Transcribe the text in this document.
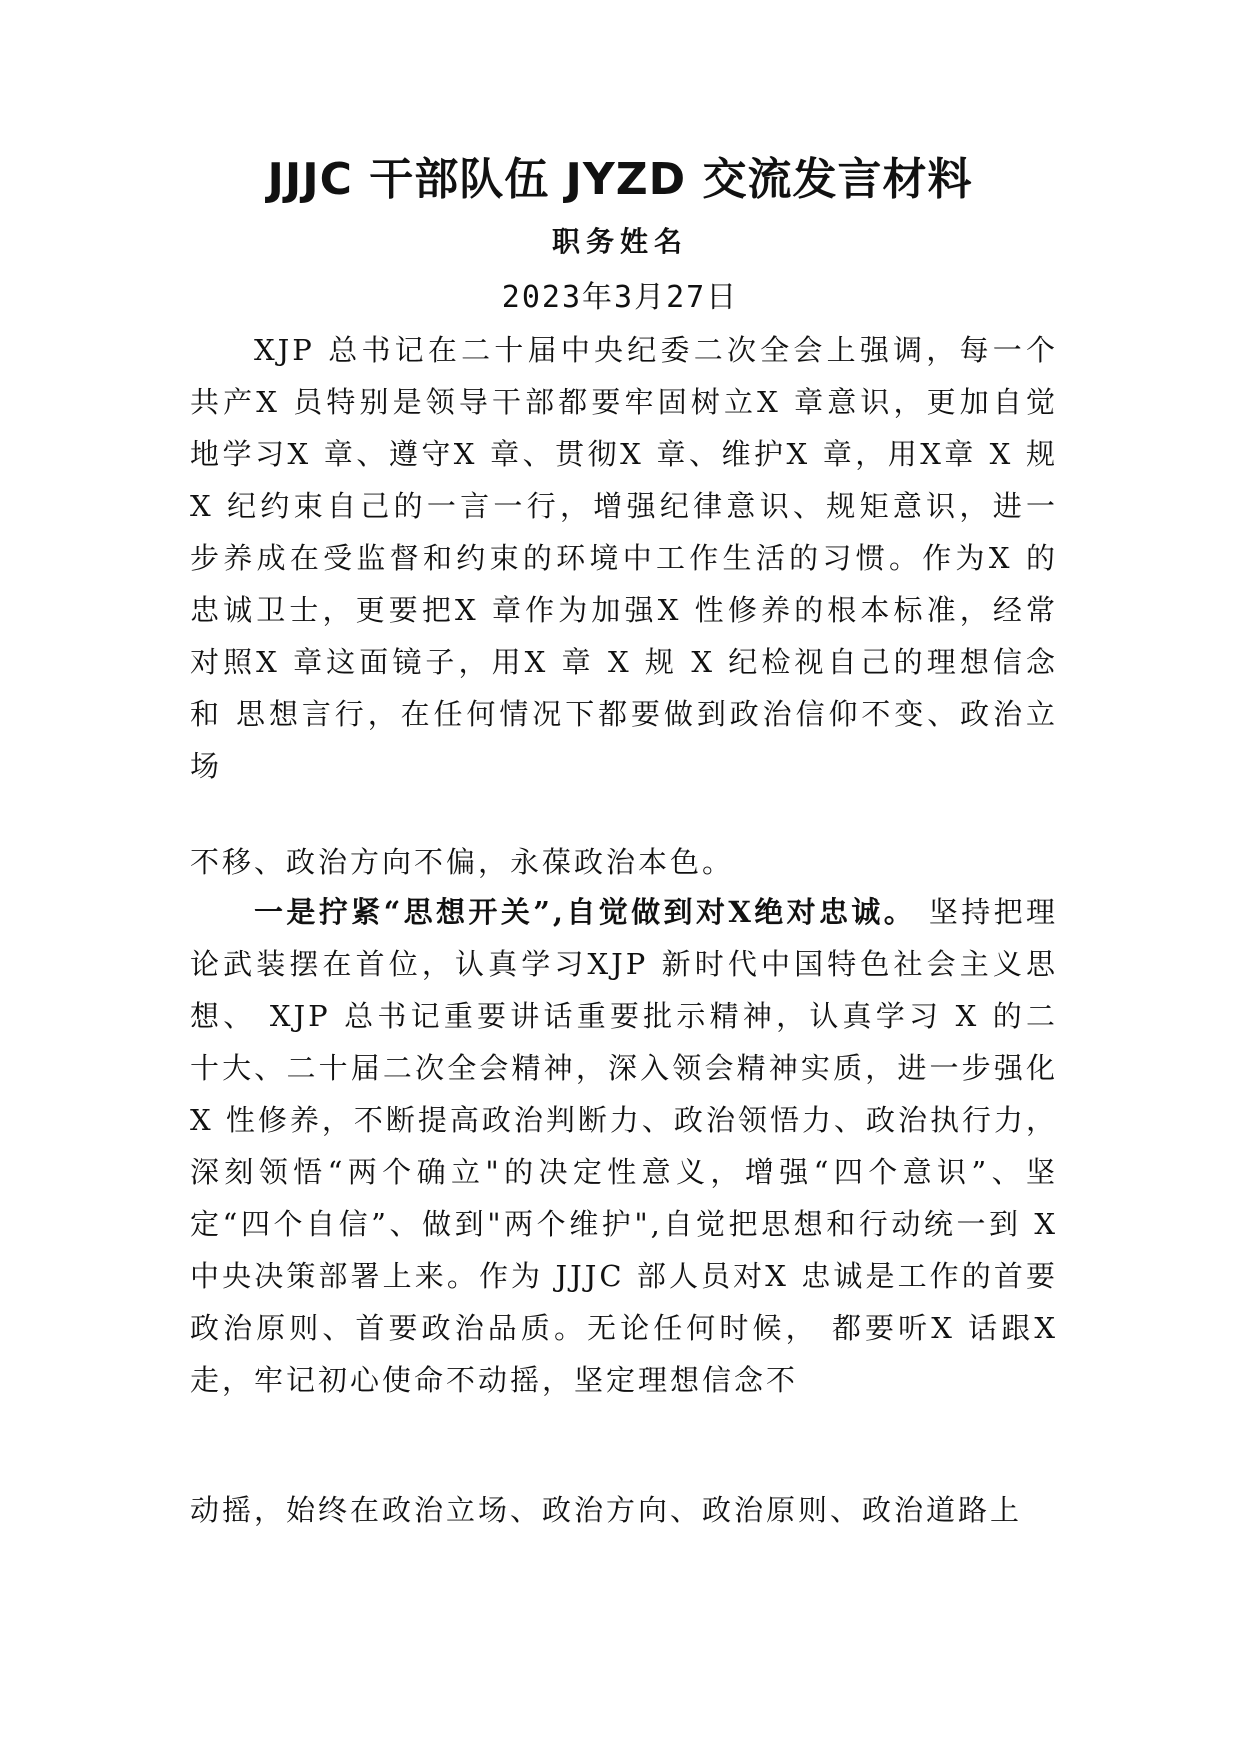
JJJC 干部队伍 JYZD 交流发言材料
职务姓名
2023年3月27日
XJP 总书记在二十届中央纪委二次全会上强调，每一个共产X 员特别是领导干部都要牢固树立X 章意识，更加自觉 地学习X 章、遵守X 章、贯彻X 章、维护X 章，用X章 X 规 X 纪约束自己的一言一行，增强纪律意识、规矩意识，进一 步养成在受监督和约束的环境中工作生活的习惯。作为X 的 忠诚卫士，更要把X 章作为加强X 性修养的根本标准，经常 对照X 章这面镜子，用X 章 X 规 X 纪检视自己的理想信念和 思想言行，在任何情况下都要做到政治信仰不变、政治立场
不移、政治方向不偏，永葆政治本色。
一是拧紧“思想开关”,自觉做到对X绝对忠诚。 坚持把理论武装摆在首位，认真学习XJP 新时代中国特色社会主义思想、 XJP 总书记重要讲话重要批示精神，认真学习 X 的二十大、二十届二次全会精神，深入领会精神实质，进一步强化X 性修养，不断提高政治判断力、政治领悟力、政治执行力，深刻领悟“两个确立"的决定性意义，增强“四个意识”、坚定“四个自信”、做到"两个维护",自觉把思想和行动统一到 X 中央决策部署上来。作为 JJJC 部人员对X 忠诚是工作的首要政治原则、首要政治品质。无论任何时候， 都要听X 话跟X 走，牢记初心使命不动摇，坚定理想信念不
动摇，始终在政治立场、政治方向、政治原则、政治道路上
